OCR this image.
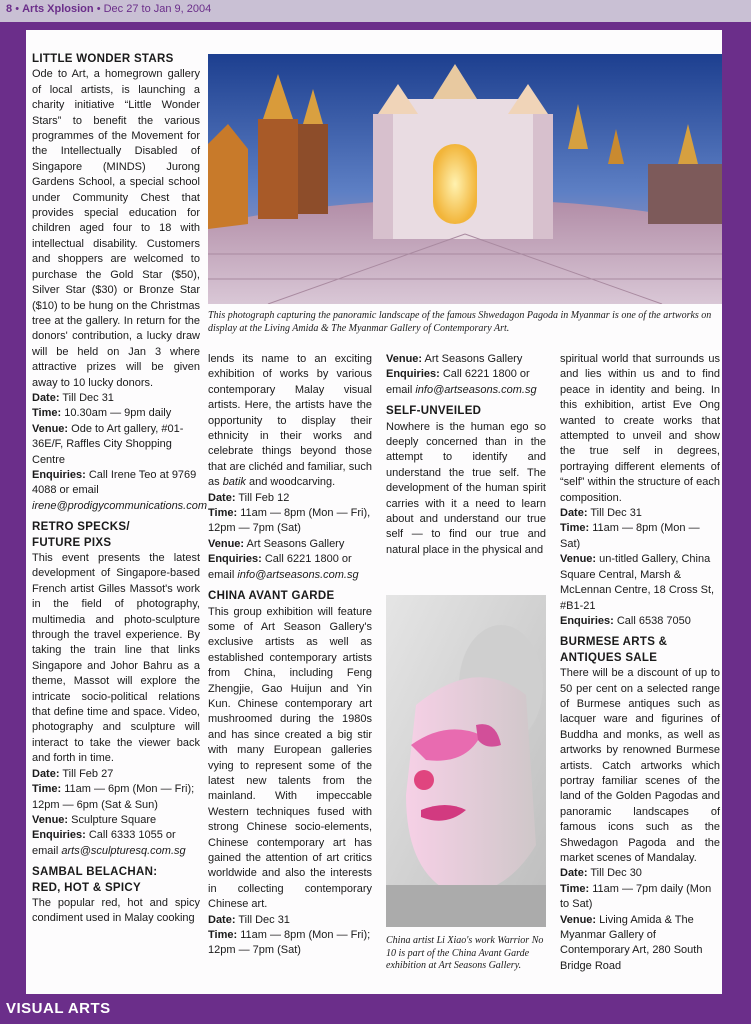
8 • Arts Xplosion • Dec 27 to Jan 9, 2004
This photograph capturing the panoramic landscape of the famous Shwedagon Pagoda in Myanmar is one of the artworks on display at the Living Amida & The Myanmar Gallery of Contemporary Art.
China artist Li Xiao's work Warrior No 10 is part of the China Avant Garde exhibition at Art Seasons Gallery.

LITTLE WONDER STARS

Ode to Art, a homegrown gallery of local artists, is launching a charity initiative “Little Wonder Stars” to benefit the various programmes of the Movement for the Intellectually Disabled of Singapore (MINDS) Jurong Gardens School, a special school under Community Chest that provides special education for children aged four to 18 with intellectual disability. Customers and shoppers are welcomed to purchase the Gold Star ($50), Silver Star ($30) or Bronze Star ($10) to be hung on the Christmas tree at the gallery. In return for the donors' contribution, a lucky draw will be held on Jan 3 where attractive prizes will be given away to 10 lucky donors.

Date: Till Dec 31

Time: 10.30am — 9pm daily

Venue: Ode to Art gallery, #01-36E/F, Raffles City Shopping Centre

Enquiries: Call Irene Teo at 9769 4088 or email

irene@prodigycommunications.com

RETRO SPECKS/

FUTURE PIXS

This event presents the latest development of Singapore-based French artist Gilles Massot's work in the field of photography, multimedia and photo-sculpture through the travel experience. By taking the train line that links Singapore and Johor Bahru as a theme, Massot will explore the intricate socio-political relations that define time and space. Video, photography and sculpture will interact to take the viewer back and forth in time.

Date: Till Feb 27

Time: 11am — 6pm (Mon — Fri); 12pm — 6pm (Sat & Sun)

Venue: Sculpture Square

Enquiries: Call 6333 1055 or email arts@sculpturesq.com.sg

SAMBAL BELACHAN:

RED, HOT & SPICY

The popular red, hot and spicy condiment used in Malay cooking

lends its name to an exciting exhibition of works by various contemporary Malay visual artists. Here, the artists have the opportunity to display their ethnicity in their works and celebrate things beyond those that are clichéd and familiar, such as batik and woodcarving.

Date: Till Feb 12

Time: 11am — 8pm (Mon — Fri), 12pm — 7pm (Sat)

Venue: Art Seasons Gallery

Enquiries: Call 6221 1800 or email info@artseasons.com.sg

CHINA AVANT GARDE

This group exhibition will feature some of Art Season Gallery's exclusive artists as well as established contemporary artists from China, including Feng Zhengjie, Gao Huijun and Yin Kun. Chinese contemporary art mushroomed during the 1980s and has since created a big stir with many European galleries vying to represent some of the latest new talents from the mainland. With impeccable Western techniques fused with strong Chinese socio-elements, Chinese contemporary art has gained the attention of art critics worldwide and also the interests in collecting contemporary Chinese art.

Date: Till Dec 31

Time: 11am — 8pm (Mon — Fri); 12pm — 7pm (Sat)

Venue: Art Seasons Gallery

Enquiries: Call 6221 1800 or email info@artseasons.com.sg

SELF-UNVEILED

Nowhere is the human ego so deeply concerned than in the attempt to identify and understand the true self. The development of the human spirit carries with it a need to learn about and understand our true self — to find our true and natural place in the physical and

spiritual world that surrounds us and lies within us and to find peace in identity and being. In this exhibition, artist Eve Ong wanted to create works that attempted to unveil and show the true self in degrees, portraying different elements of “self” within the structure of each composition.

Date: Till Dec 31

Time: 11am — 8pm (Mon — Sat)

Venue: un-titled Gallery, China Square Central, Marsh & McLennan Centre, 18 Cross St, #B1-21

Enquiries: Call 6538 7050

BURMESE ARTS &

ANTIQUES SALE

There will be a discount of up to 50 per cent on a selected range of Burmese antiques such as lacquer ware and figurines of Buddha and monks, as well as artworks by renowned Burmese artists. Catch artworks which portray familiar scenes of the land of the Golden Pagodas and panoramic landscapes of famous icons such as the Shwedagon Pagoda and the market scenes of Mandalay.

Date: Till Dec 30

Time: 11am — 7pm daily (Mon to Sat)

Venue: Living Amida & The Myanmar Gallery of Contemporary Art, 280 South Bridge Road

VISUAL ARTS
